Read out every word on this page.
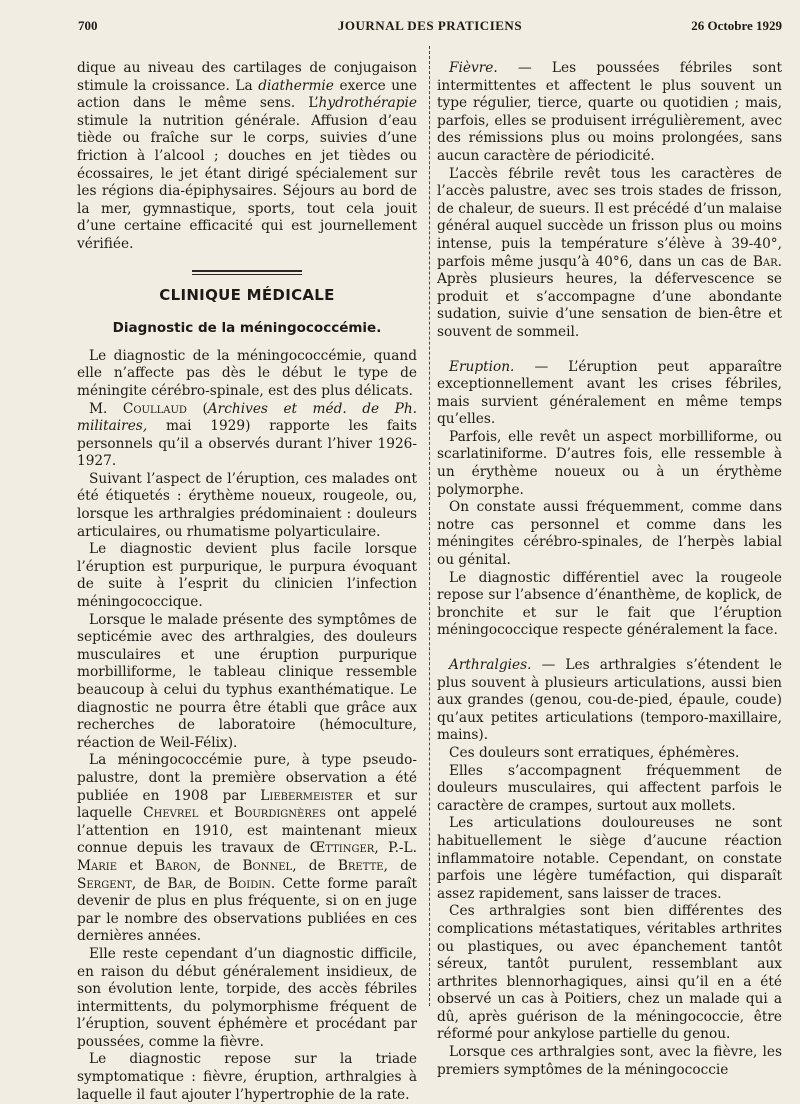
700	JOURNAL DES PRATICIENS	26 Octobre 1929

dique au niveau des cartilages de conjugaison stimule la croissance. La diathermie exerce une action dans le même sens. L’hydrothérapie stimule la nutrition générale. Affusion d’eau tiède ou fraîche sur le corps, suivies d’une friction à l’alcool ; douches en jet tièdes ou écossaires, le jet étant dirigé spécialement sur les régions dia-épiphysaires. Séjours au bord de la mer, gymnastique, sports, tout cela jouit d’une certaine efficacité qui est journellement vérifiée.

CLINIQUE MÉDICALE
Diagnostic de la méningococcémie.

Le diagnostic de la méningococcémie, quand elle n’affecte pas dès le début le type de méningite cérébro-spinale, est des plus délicats.

M. Coullaud (Archives et méd. de Ph. militaires, mai 1929) rapporte les faits personnels qu’il a observés durant l’hiver 1926-1927.

Suivant l’aspect de l’éruption, ces malades ont été étiquetés : érythème noueux, rougeole, ou, lorsque les arthralgies prédominaient : douleurs articulaires, ou rhumatisme polyarticulaire.

Le diagnostic devient plus facile lorsque l’éruption est purpurique, le purpura évoquant de suite à l’esprit du clinicien l’infection méningococcique.

Lorsque le malade présente des symptômes de septicémie avec des arthralgies, des douleurs musculaires et une éruption purpurique morbilliforme, le tableau clinique ressemble beaucoup à celui du typhus exanthématique. Le diagnostic ne pourra être établi que grâce aux recherches de laboratoire (hémoculture, réaction de Weil-Félix).

La méningococcémie pure, à type pseudo-palustre, dont la première observation a été publiée en 1908 par Liebermeister et sur laquelle Chevrel et Bourdignères ont appelé l’attention en 1910, est maintenant mieux connue depuis les travaux de Œttinger, P.-L. Marie et Baron, de Bonnel, de Brette, de Sergent, de Bar, de Boidin. Cette forme paraît devenir de plus en plus fréquente, si on en juge par le nombre des observations publiées en ces dernières années.

Elle reste cependant d’un diagnostic difficile, en raison du début généralement insidieux, de son évolution lente, torpide, des accès fébriles intermittents, du polymorphisme fréquent de l’éruption, souvent éphémère et procédant par poussées, comme la fièvre.

Le diagnostic repose sur la triade symptomatique : fièvre, éruption, arthralgies à laquelle il faut ajouter l’hypertrophie de la rate.

Fièvre. — Les poussées fébriles sont intermittentes et affectent le plus souvent un type régulier, tierce, quarte ou quotidien ; mais, parfois, elles se produisent irrégulièrement, avec des rémissions plus ou moins prolongées, sans aucun caractère de périodicité.

L’accès fébrile revêt tous les caractères de l’accès palustre, avec ses trois stades de frisson, de chaleur, de sueurs. Il est précédé d’un malaise général auquel succède un frisson plus ou moins intense, puis la température s’élève à 39-40°, parfois même jusqu’à 40°6, dans un cas de Bar. Après plusieurs heures, la défervescence se produit et s’accompagne d’une abondante sudation, suivie d’une sensation de bien-être et souvent de sommeil.

Eruption. — L’éruption peut apparaître exceptionnellement avant les crises fébriles, mais survient généralement en même temps qu’elles.

Parfois, elle revêt un aspect morbilliforme, ou scarlatiniforme. D’autres fois, elle ressemble à un érythème noueux ou à un érythème polymorphe.

On constate aussi fréquemment, comme dans notre cas personnel et comme dans les méningites cérébro-spinales, de l’herpès labial ou génital.

Le diagnostic différentiel avec la rougeole repose sur l’absence d’énanthème, de koplick, de bronchite et sur le fait que l’éruption méningococcique respecte généralement la face.

Arthralgies. — Les arthralgies s’étendent le plus souvent à plusieurs articulations, aussi bien aux grandes (genou, cou-de-pied, épaule, coude) qu’aux petites articulations (temporo-maxillaire, mains).

Ces douleurs sont erratiques, éphémères.

Elles s’accompagnent fréquemment de douleurs musculaires, qui affectent parfois le caractère de crampes, surtout aux mollets.

Les articulations douloureuses ne sont habituellement le siège d’aucune réaction inflammatoire notable. Cependant, on constate parfois une légère tuméfaction, qui disparaît assez rapidement, sans laisser de traces.

Ces arthralgies sont bien différentes des complications métastatiques, véritables arthrites ou plastiques, ou avec épanchement tantôt séreux, tantôt purulent, ressemblant aux arthrites blennorhagiques, ainsi qu’il en a été observé un cas à Poitiers, chez un malade qui a dû, après guérison de la méningococcie, être réformé pour ankylose partielle du genou.

Lorsque ces arthralgies sont, avec la fièvre, les premiers symptômes de la méningococcie
